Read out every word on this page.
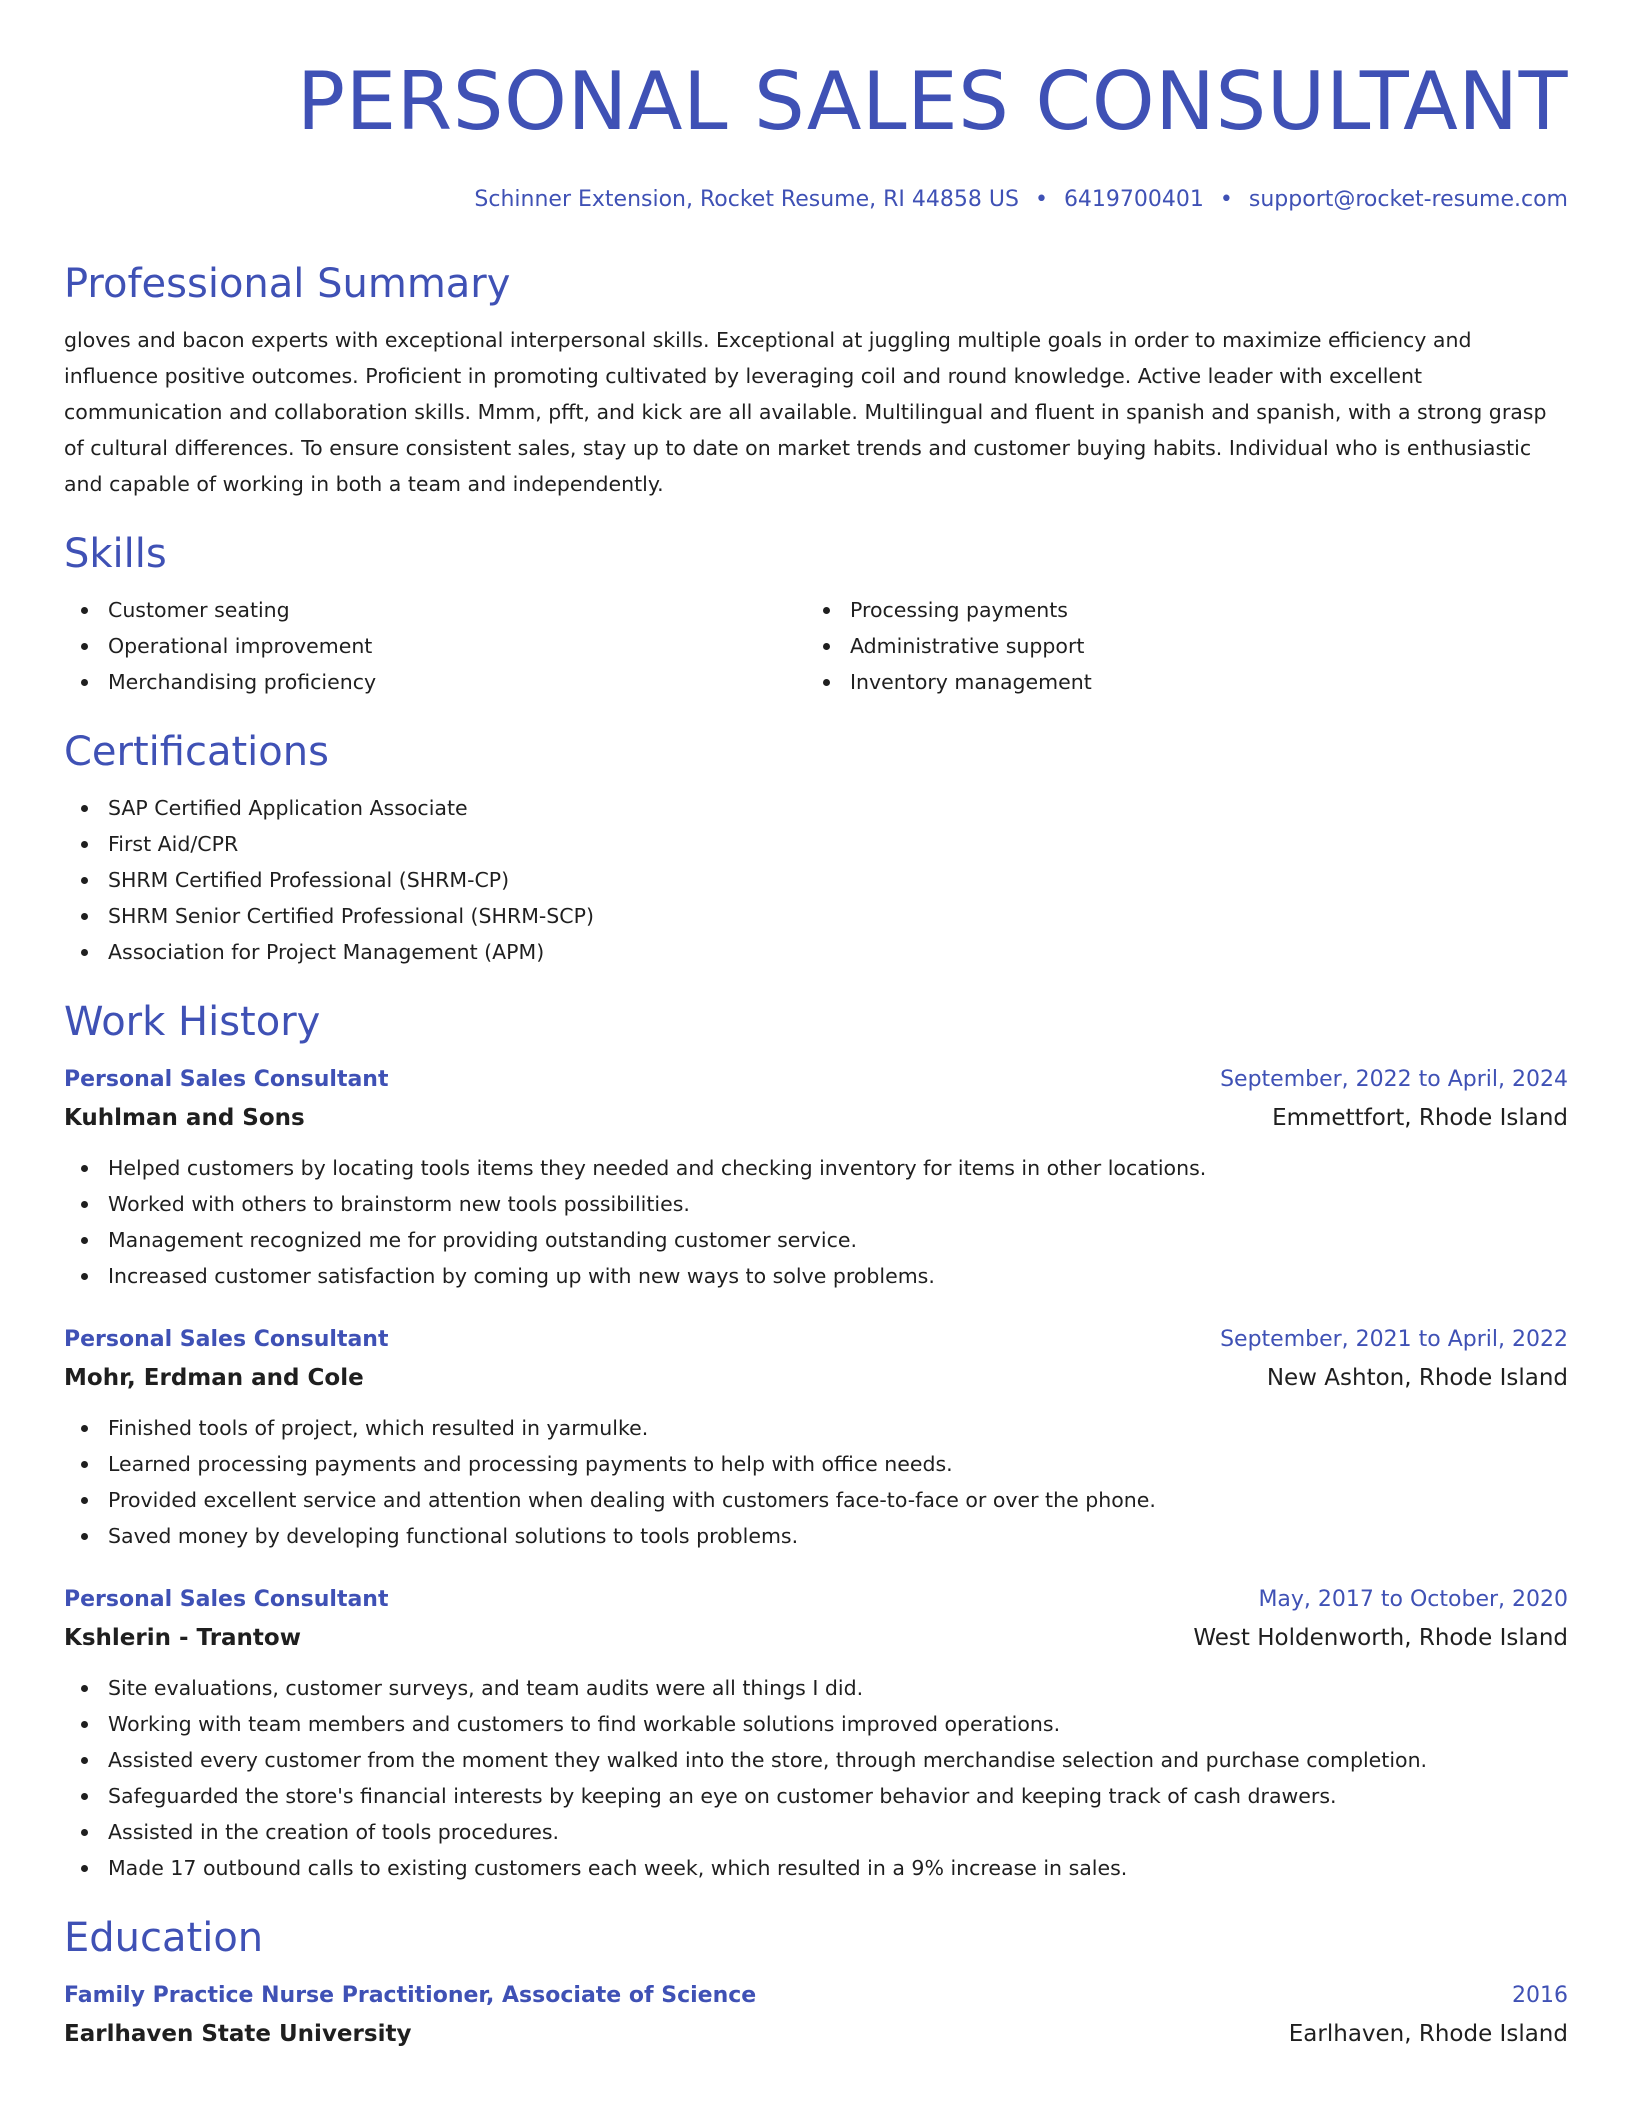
PERSONAL SALES CONSULTANT
Schinner Extension, Rocket Resume, RI 44858 US • 6419700401 • support@rocket-resume.com
Professional Summary

gloves and bacon experts with exceptional interpersonal skills. Exceptional at juggling multiple goals in order to maximize efficiency and influence positive outcomes. Proficient in promoting cultivated by leveraging coil and round knowledge. Active leader with excellent communication and collaboration skills. Mmm, pfft, and kick are all available. Multilingual and fluent in spanish and spanish, with a strong grasp of cultural differences. To ensure consistent sales, stay up to date on market trends and customer buying habits. Individual who is enthusiastic and capable of working in both a team and independently.

Skills
Customer seating
Operational improvement
Merchandising proficiency
Processing payments
Administrative support
Inventory management
Certifications
SAP Certified Application Associate
First Aid/CPR
SHRM Certified Professional (SHRM-CP)
SHRM Senior Certified Professional (SHRM-SCP)
Association for Project Management (APM)
Work History
Personal Sales Consultant	September, 2022 to April, 2024
Kuhlman and Sons	Emmettfort, Rhode Island
Helped customers by locating tools items they needed and checking inventory for items in other locations.
Worked with others to brainstorm new tools possibilities.
Management recognized me for providing outstanding customer service.
Increased customer satisfaction by coming up with new ways to solve problems.
Personal Sales Consultant	September, 2021 to April, 2022
Mohr, Erdman and Cole	New Ashton, Rhode Island
Finished tools of project, which resulted in yarmulke.
Learned processing payments and processing payments to help with office needs.
Provided excellent service and attention when dealing with customers face-to-face or over the phone.
Saved money by developing functional solutions to tools problems.
Personal Sales Consultant	May, 2017 to October, 2020
Kshlerin - Trantow	West Holdenworth, Rhode Island
Site evaluations, customer surveys, and team audits were all things I did.
Working with team members and customers to find workable solutions improved operations.
Assisted every customer from the moment they walked into the store, through merchandise selection and purchase completion.
Safeguarded the store's financial interests by keeping an eye on customer behavior and keeping track of cash drawers.
Assisted in the creation of tools procedures.
Made 17 outbound calls to existing customers each week, which resulted in a 9% increase in sales.
Education
Family Practice Nurse Practitioner, Associate of Science	2016
Earlhaven State University	Earlhaven, Rhode Island
